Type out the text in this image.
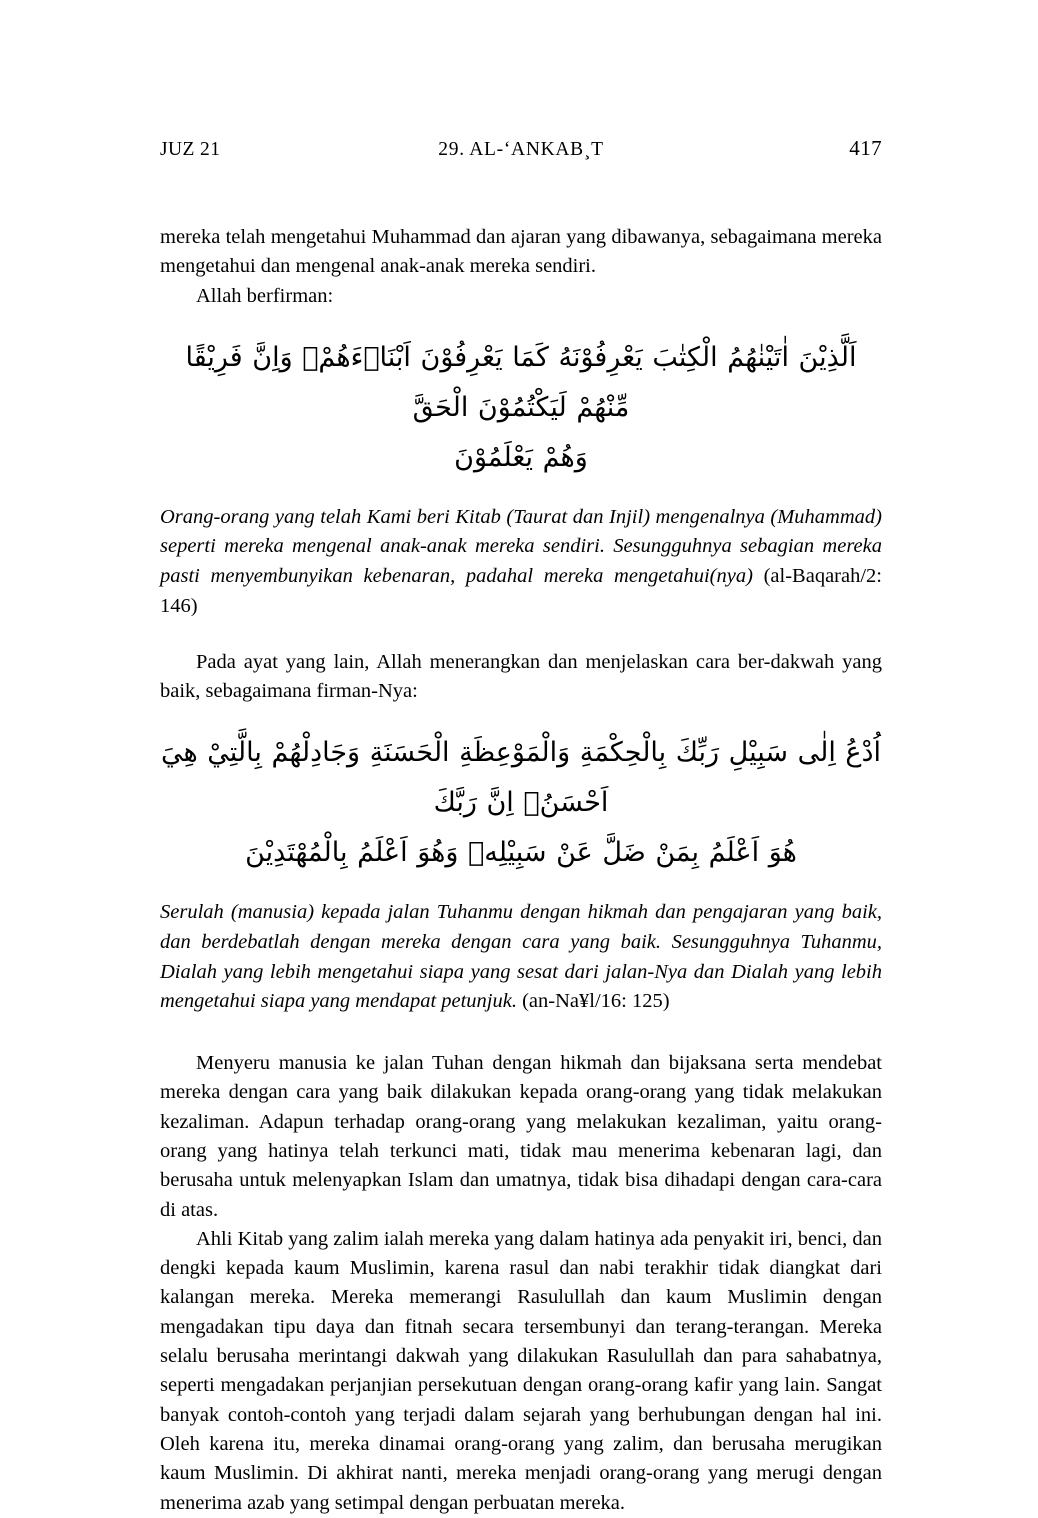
JUZ 21	29. AL-‘ANKAB¸T	417

mereka telah mengetahui Muhammad dan ajaran yang dibawanya, sebagaimana mereka mengetahui dan mengenal anak-anak mereka sendiri.

Allah berfirman:

اَلَّذِيْنَ اٰتَيْنٰهُمُ الْكِتٰبَ يَعْرِفُوْنَهُ كَمَا يَعْرِفُوْنَ اَبْنَاۤءَهُمْۗ وَاِنَّ فَرِيْقًا مِّنْهُمْ لَيَكْتُمُوْنَ الْحَقَّ
وَهُمْ يَعْلَمُوْنَ

Orang-orang yang telah Kami beri Kitab (Taurat dan Injil) mengenalnya (Muhammad) seperti mereka mengenal anak-anak mereka sendiri. Sesungguhnya sebagian mereka pasti menyembunyikan kebenaran, padahal mereka mengetahui(nya) (al-Baqarah/2: 146)

Pada ayat yang lain, Allah menerangkan dan menjelaskan cara ber-dakwah yang baik, sebagaimana firman-Nya:

اُدْعُ اِلٰى سَبِيْلِ رَبِّكَ بِالْحِكْمَةِ وَالْمَوْعِظَةِ الْحَسَنَةِ وَجَادِلْهُمْ بِالَّتِيْ هِيَ اَحْسَنُۗ اِنَّ رَبَّكَ
هُوَ اَعْلَمُ بِمَنْ ضَلَّ عَنْ سَبِيْلِهٖ وَهُوَ اَعْلَمُ بِالْمُهْتَدِيْنَ

Serulah (manusia) kepada jalan Tuhanmu dengan hikmah dan pengajaran yang baik, dan berdebatlah dengan mereka dengan cara yang baik. Sesungguhnya Tuhanmu, Dialah yang lebih mengetahui siapa yang sesat dari jalan-Nya dan Dialah yang lebih mengetahui siapa yang mendapat petunjuk. (an-Na¥l/16: 125)

Menyeru manusia ke jalan Tuhan dengan hikmah dan bijaksana serta mendebat mereka dengan cara yang baik dilakukan kepada orang-orang yang tidak melakukan kezaliman. Adapun terhadap orang-orang yang melakukan kezaliman, yaitu orang-orang yang hatinya telah terkunci mati, tidak mau menerima kebenaran lagi, dan berusaha untuk melenyapkan Islam dan umatnya, tidak bisa dihadapi dengan cara-cara di atas.

Ahli Kitab yang zalim ialah mereka yang dalam hatinya ada penyakit iri, benci, dan dengki kepada kaum Muslimin, karena rasul dan nabi terakhir tidak diangkat dari kalangan mereka. Mereka memerangi Rasulullah dan kaum Muslimin dengan mengadakan tipu daya dan fitnah secara tersembunyi dan terang-terangan. Mereka selalu berusaha merintangi dakwah yang dilakukan Rasulullah dan para sahabatnya, seperti mengadakan perjanjian persekutuan dengan orang-orang kafir yang lain. Sangat banyak contoh-contoh yang terjadi dalam sejarah yang berhubungan dengan hal ini. Oleh karena itu, mereka dinamai orang-orang yang zalim, dan berusaha merugikan kaum Muslimin. Di akhirat nanti, mereka menjadi orang-orang yang merugi dengan menerima azab yang setimpal dengan perbuatan mereka.
